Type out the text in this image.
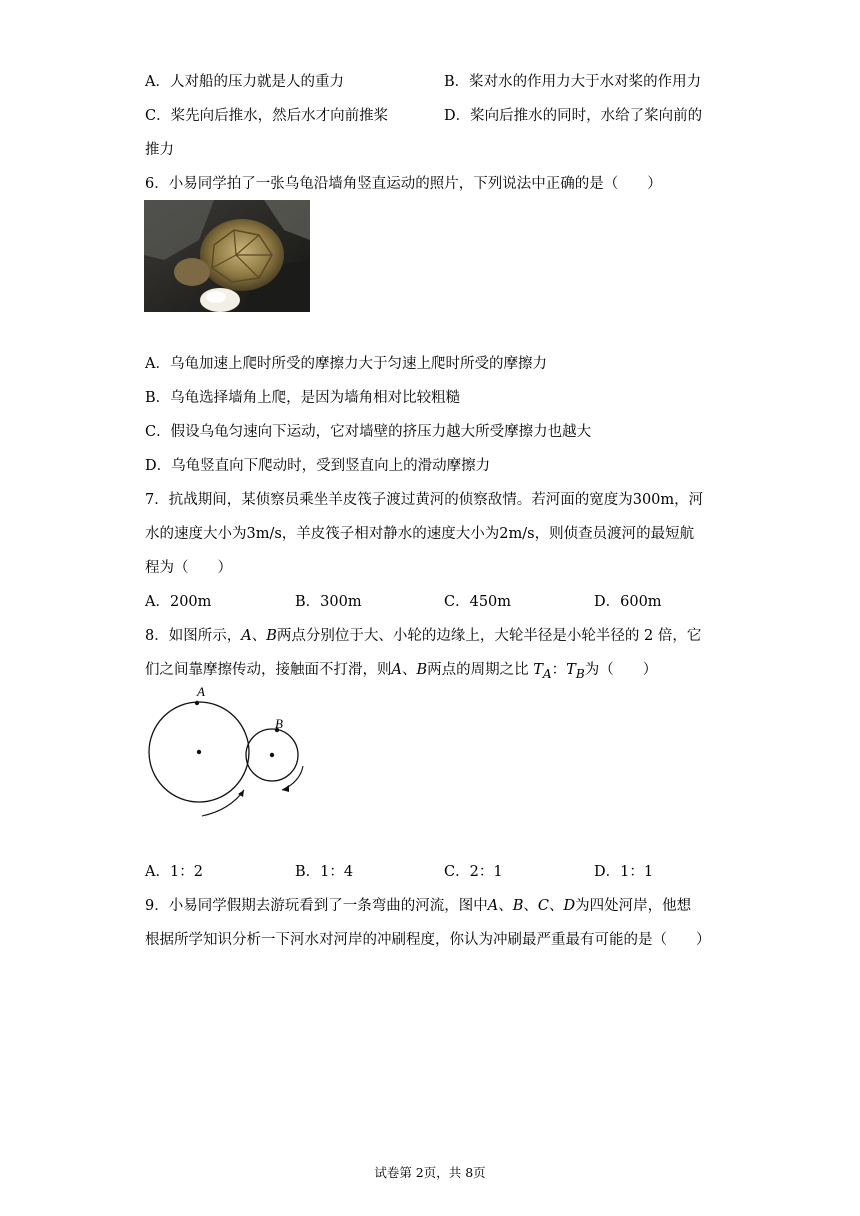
A．人对船的压力就是人的重力	B．桨对水的作用力大于水对桨的作用力
C．桨先向后推水，然后水才向前推桨	D．桨向后推水的同时，水给了桨向前的
推力
6．小易同学拍了一张乌龟沿墙角竖直运动的照片，下列说法中正确的是（　　）
A．乌龟加速上爬时所受的摩擦力大于匀速上爬时所受的摩擦力
B．乌龟选择墙角上爬，是因为墙角相对比较粗糙
C．假设乌龟匀速向下运动，它对墙壁的挤压力越大所受摩擦力也越大
D．乌龟竖直向下爬动时，受到竖直向上的滑动摩擦力
7．抗战期间，某侦察员乘坐羊皮筏子渡过黄河的侦察敌情。若河面的宽度为300m，河
水的速度大小为3m/s，羊皮筏子相对静水的速度大小为2m/s，则侦查员渡河的最短航
程为（　　）
A．200m	B．300m	C．450m	D．600m
8．如图所示，A、B两点分别位于大、小轮的边缘上，大轮半径是小轮半径的 2 倍，它
们之间靠摩擦传动，接触面不打滑，则A、B两点的周期之比 $T_A$：$T_B$为（　　）
A
B
A．1：2	B．1：4	C．2：1	D．1：1
9．小易同学假期去游玩看到了一条弯曲的河流，图中A、B、C、D为四处河岸，他想
根据所学知识分析一下河水对河岸的冲刷程度，你认为冲刷最严重最有可能的是（　　）
试卷第 2页，共 8页
